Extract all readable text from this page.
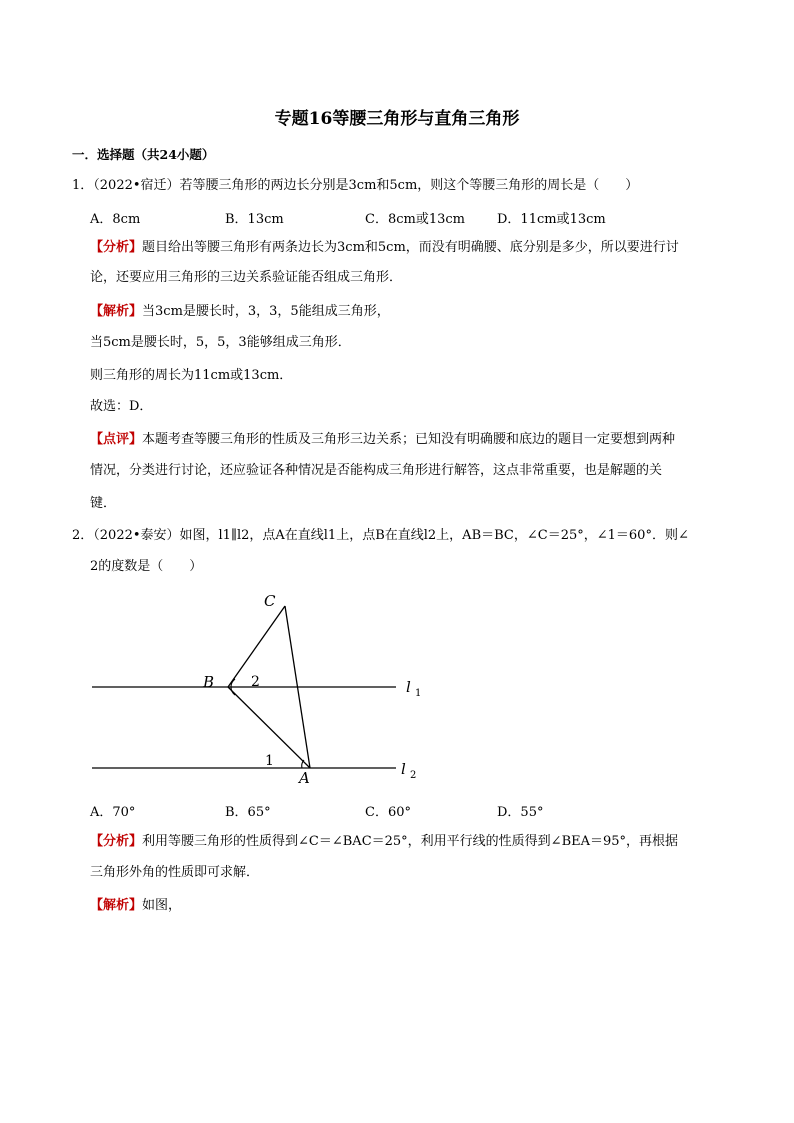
专题16等腰三角形与直角三角形
一．选择题（共24小题）
1．（2022•宿迁）若等腰三角形的两边长分别是3cm和5cm，则这个等腰三角形的周长是（　　）
A．8cm	B．13cm	C．8cm或13cm D．11cm或13cm
【分析】题目给出等腰三角形有两条边长为3cm和5cm，而没有明确腰、底分别是多少，所以要进行讨
论，还要应用三角形的三边关系验证能否组成三角形．
【解析】当3cm是腰长时，3，3，5能组成三角形，
当5cm是腰长时，5，5，3能够组成三角形．
则三角形的周长为11cm或13cm．
故选：D．
【点评】本题考查等腰三角形的性质及三角形三边关系；已知没有明确腰和底边的题目一定要想到两种
情况，分类进行讨论，还应验证各种情况是否能构成三角形进行解答，这点非常重要，也是解题的关
键．
2．（2022•泰安）如图，l1∥l2，点A在直线l1上，点B在直线l2上，AB＝BC，∠C＝25°，∠1＝60°．则∠
2的度数是（　　）
C
B	2
1
A
l 1
l 2
A．70°	B．65°	C．60°	D．55°
【分析】利用等腰三角形的性质得到∠C＝∠BAC＝25°，利用平行线的性质得到∠BEA＝95°，再根据
三角形外角的性质即可求解．
【解析】如图，
